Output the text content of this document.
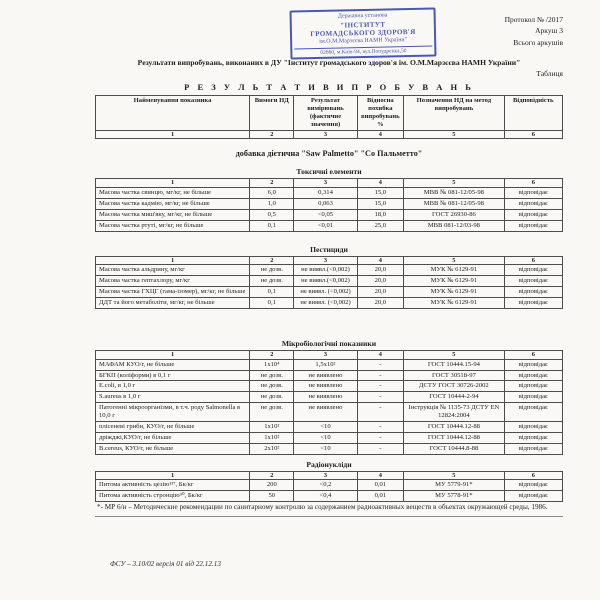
Державна установа
"ІНСТИТУТ
ГРОМАДСЬКОГО ЗДОРОВ'Я
ім.О.М.Марзєєва НАМН України"
02660, м.Київ-94, вул.Попудренка,50
Протокол № /2017
Аркуш 3
Всього аркушів
Результати випробувань, виконаних в ДУ "Інститут громадського здоров'я ім. О.М.Марзєєва НАМН України"
Таблиця
Р Е З У Л Ь Т А Т И В И П Р О Б У В А Н Ь
Найменування показника	Вимоги НД	Результат вимірювань (фактичне значення)	Відносна похибка випробувань %	Позначення НД на метод випробувань	Відповідність
1	2	3	4	5	6
добавка дієтична "Saw Palmetto" "Со Пальметто"
Токсичні елементи
1	2	3	4	5	6
Масова частка свинцю, мг/кг, не більше	6,0	0,314	15,0	МВВ № 081-12/05-98	відповідає
Масова частка кадмію, мг/кг, не більше	1,0	0,063	15,0	МВВ № 081-12/05-98	відповідає
Масова частка миш'яку, мг/кг, не більше	0,5	<0,05	18,0	ГОСТ 26930-86	відповідає
Масова частка ртуті, мг/кг, не більше	0,1	<0,01	25,0	МВВ 081-12/03-98	відповідає
Пестициди
1	2	3	4	5	6
Масова частка альдрину, мг/кг	не дозв.	не виявл.(<0,002)	20,0	МУК № 6129-91	відповідає
Масова частка гептахлору, мг/кг	не дозв.	не виявл.(<0,002)	20,0	МУК № 6129-91	відповідає
Масова частка ГХЦГ (гама-ізомер), мг/кг, не більше	0,1	не виявл. (<0,002)	20,0	МУК № 6129-91	відповідає
ДДТ та його метаболіти, мг/кг, не більше	0,1	не виявл. (<0,002)	20,0	МУК № 6129-91	відповідає
Мікробіологічні показники
1	2	3	4	5	6
МАФАМ КУО/г, не більше	1х10⁴	1,5х10²	-	ГОСТ 10444.15-94	відповідає
БГКП (коліформи) в 0,1 г	не дозв.	не виявлено	-	ГОСТ 30518-97	відповідає
E.coli, в 1,0 г	не дозв.	не виявлено	-	ДСТУ ГОСТ 30726-2002	відповідає
S.aureus в 1,0 г	не дозв.	не виявлено	-	ГОСТ 10444-2-94	відповідає
Патогенні мікроорганізми, в т.ч. роду Salmonella в 10,0 г	не дозв.	не виявлено	-	Інструкція № 1135-73 ДСТУ EN 12824:2004	відповідає
плісеневі гриби, КУО/г, не більше	1х10²	<10	-	ГОСТ 10444.12-88	відповідає
дріжджі,КУО/г, не більше	1х10²	<10	-	ГОСТ 10444.12-88	відповідає
B.cereus, КУО/г, не більше	2х10²	<10	-	ГОСТ 10444.8-88	відповідає
Радіонукліди
1	2	3	4	5	6
Питома активність цезію¹³⁷, Бк/кг	200	<0,2	0,01	МУ 5779-91*	відповідає
Питома активність стронцію⁹⁰, Бк/кг	50	<0,4	0,01	МУ 5778-91*	відповідає
*- МР 6/н – Методические рекомендации по санитарному контролю за содержанием радиоактивных веществ в объектах окружающей среды, 1986.
ФСУ – 3.10/02 версія 01 від 22.12.13
